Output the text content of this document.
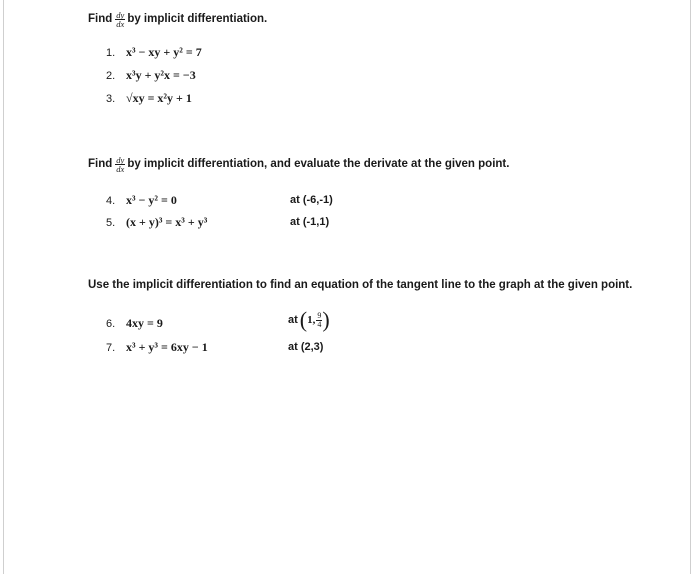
Find $\frac{dy}{dx}$ by implicit differentiation.
1. x³ − xy + y² = 7
2. x³y + y²x = −3
3. √xy = x²y + 1
Find $\frac{dy}{dx}$ by implicit differentiation, and evaluate the derivate at the given point.
4. x³ − y² = 0	at (-6,-1)
5. (x + y)³ = x³ + y³	at (-1,1)
Use the implicit differentiation to find an equation of the tangent line to the graph at the given point.
6. 4xy = 9	at ( 1, $\frac{9}{4}$ )
7. x³ + y³ = 6xy − 1	at (2,3)
